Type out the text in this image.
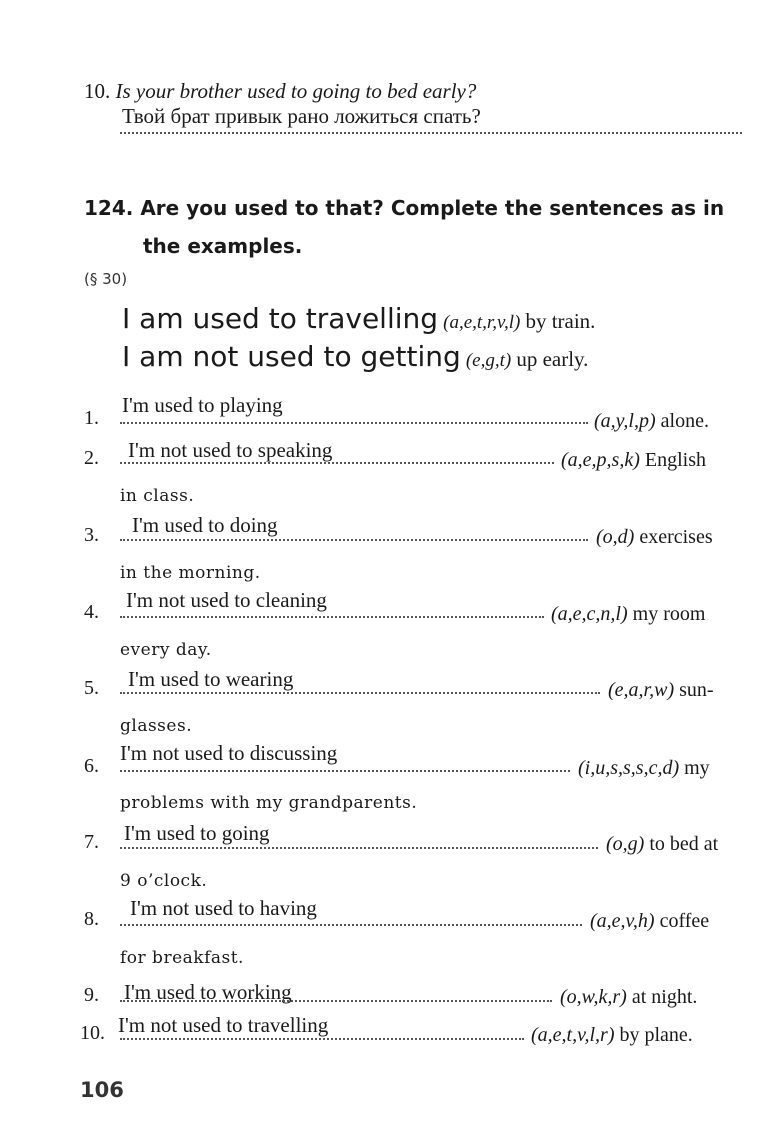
10. Is your brother used to going to bed early?
Твой брат привык рано ложиться спать?
124. Are you used to that? Complete the sentences as in
the examples.
(§ 30)
I am used to travelling (a,e,t,r,v,l) by train.
I am not used to getting (e,g,t) up early.
I'm used to playing
1.	(a,y,l,p) alone.
I'm not used to speaking
2.	(a,e,p,s,k) English
in class.
I'm used to doing
3.	(o,d) exercises
in the morning.
I'm not used to cleaning
4.	(a,e,c,n,l) my room
every day.
I'm used to wearing
5.	(e,a,r,w) sun-
glasses.
I'm not used to discussing
6.	(i,u,s,s,s,c,d) my
problems with my grandparents.
I'm used to going
7.	(o,g) to bed at
9 o’clock.
I'm not used to having
8.	(a,e,v,h) coffee
for breakfast.
I'm used to working
9.	(o,w,k,r) at night.
I'm not used to travelling
10.	(a,e,t,v,l,r) by plane.
106
